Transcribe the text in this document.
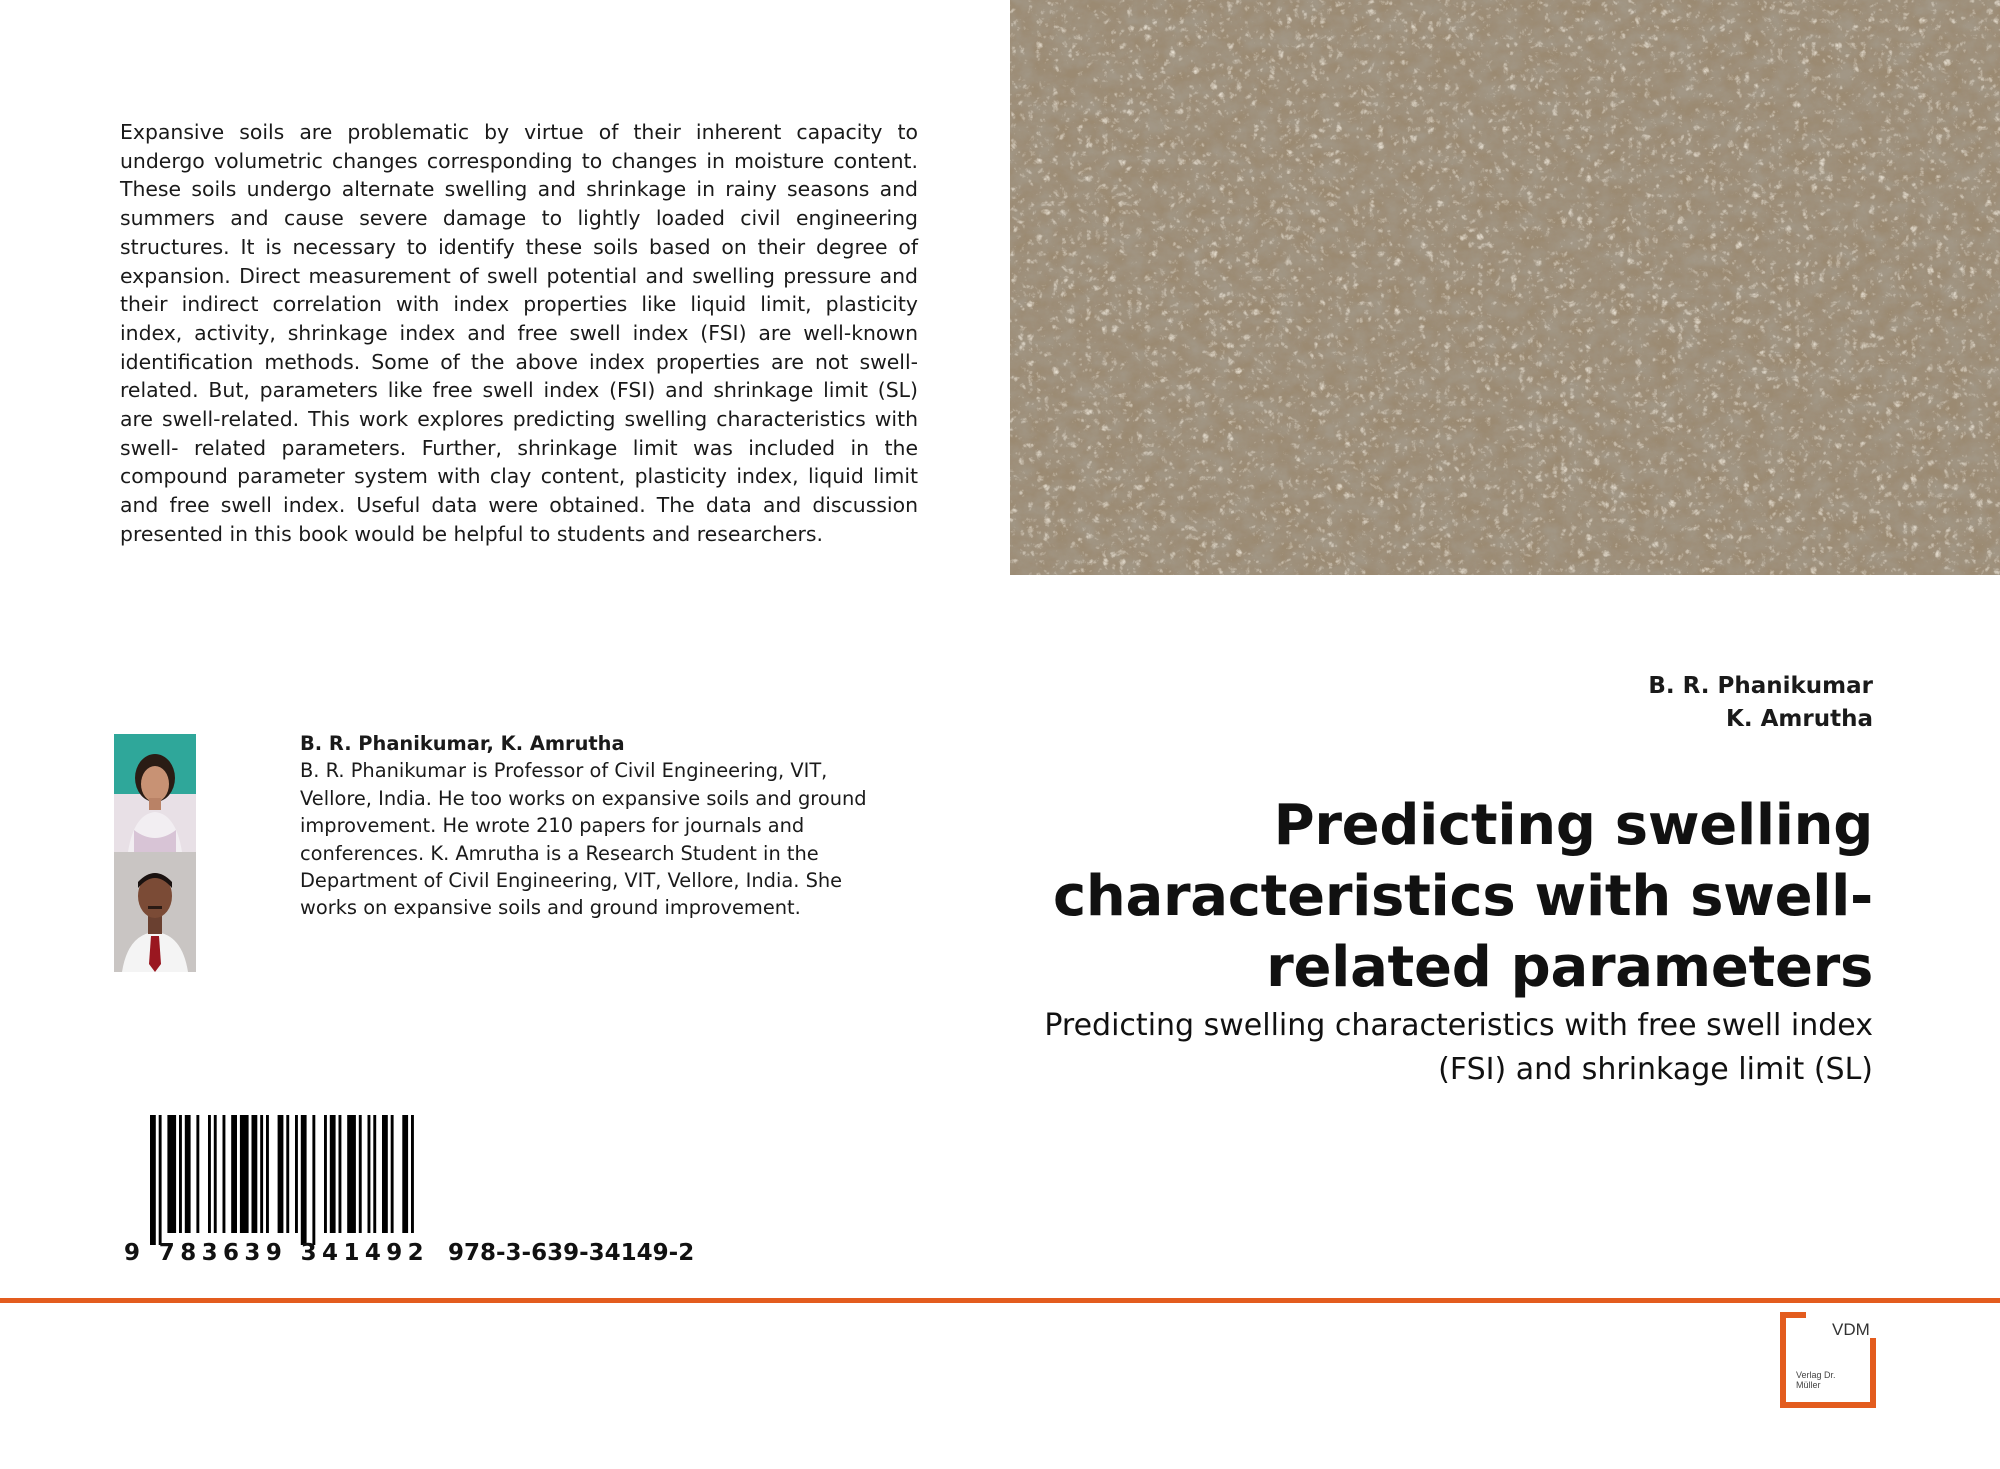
Expansive soils are problematic by virtue of their inherent capacity to undergo volumetric changes corresponding to changes in moisture content. These soils undergo alternate swelling and shrinkage in rainy seasons and summers and cause severe damage to lightly loaded civil engineering structures. It is necessary to identify these soils based on their degree of expansion. Direct measurement of swell potential and swelling pressure and their indirect correlation with index properties like liquid limit, plasticity index, activity, shrinkage index and free swell index (FSI) are well-known identification methods. Some of the above index properties are not swell-related. But, parameters like free swell index (FSI) and shrinkage limit (SL) are swell-related. This work explores predicting swelling characteristics with swell- related parameters. Further, shrinkage limit was included in the compound parameter system with clay content, plasticity index, liquid limit and free swell index. Useful data were obtained. The data and discussion presented in this book would be helpful to students and researchers.
B. R. Phanikumar
K. Amrutha
Predicting swelling characteristics with swell-related parameters
Predicting swelling characteristics with free swell index (FSI) and shrinkage limit (SL)
B. R. Phanikumar, K. Amrutha
B. R. Phanikumar is Professor of Civil Engineering, VIT, Vellore, India. He too works on expansive soils and ground improvement. He wrote 210 papers for journals and conferences. K. Amrutha is a Research Student in the Department of Civil Engineering, VIT, Vellore, India. She works on expansive soils and ground improvement.
9 783639 341492 978-3-639-34149-2
VDM
Verlag Dr. Müller
